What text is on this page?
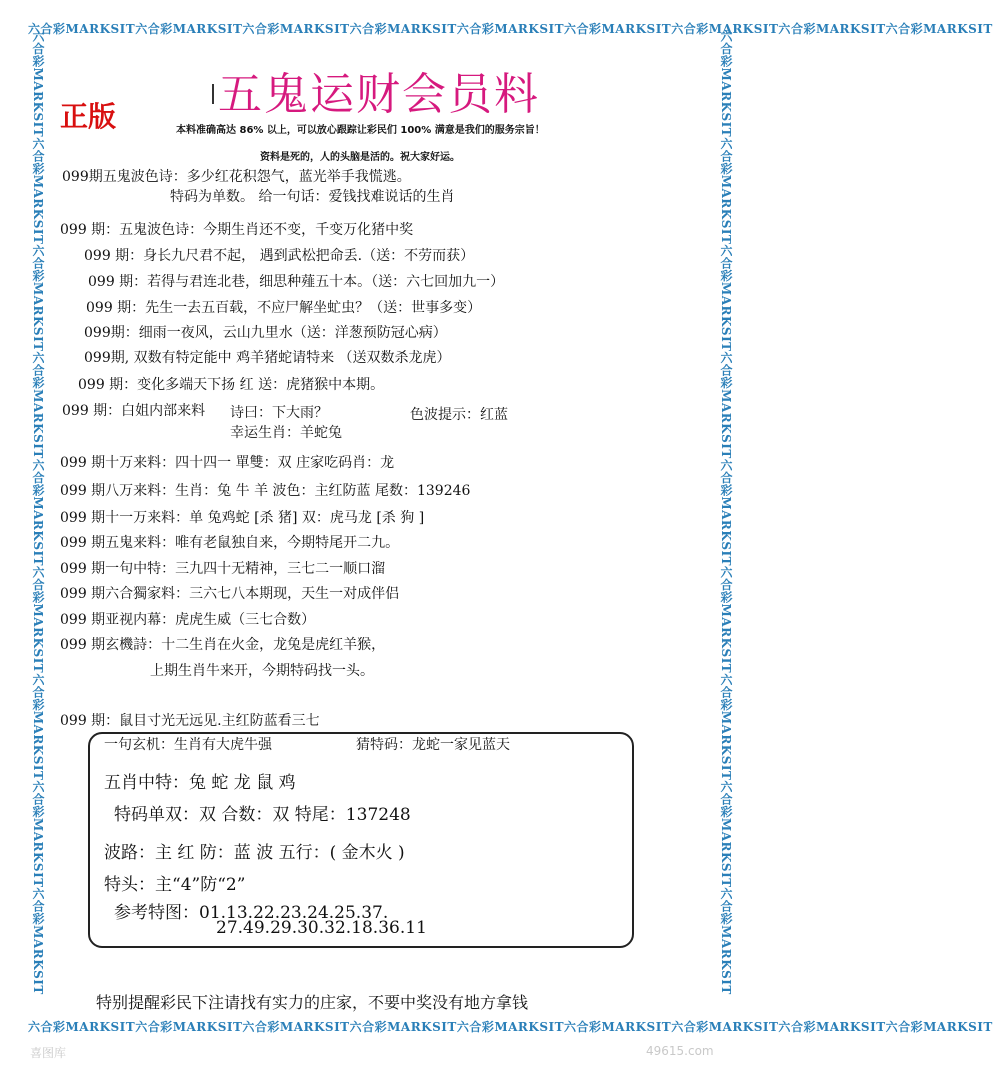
六合彩MARKSIT六合彩MARKSIT六合彩MARKSIT六合彩MARKSIT六合彩MARKSIT六合彩MARKSIT六合彩MARKSIT六合彩MARKSIT六合彩MARKSIT
六合彩MARKSIT六合彩MARKSIT六合彩MARKSIT六合彩MARKSIT六合彩MARKSIT六合彩MARKSIT六合彩MARKSIT六合彩MARKSIT六合彩MARKSIT
六合彩MARKSIT六合彩MARKSIT六合彩MARKSIT六合彩MARKSIT六合彩MARKSIT六合彩MARKSIT六合彩MARKSIT六合彩MARKSIT六合彩MARKSIT	六合彩MARKSIT六合彩MARKSIT六合彩MARKSIT六合彩MARKSIT六合彩MARKSIT六合彩MARKSIT六合彩MARKSIT六合彩MARKSIT六合彩MARKSIT
喜图库	49615.com
五鬼运财会员料
正版	本料准确高达 86% 以上，可以放心跟踪让彩民们 100% 满意是我们的服务宗旨！
资料是死的，人的头脑是活的。祝大家好运。
099期五鬼波色诗：多少红花积怨气，蓝光举手我慌逃。
特码为单数。 给一句话：爱钱找难说话的生肖
099 期：五鬼波色诗：今期生肖还不变，千变万化猪中奖
099 期：身长九尺君不起， 遇到武松把命丢.（送：不劳而获）
099 期：若得与君连北巷，细思种薤五十本。（送：六七回加九一）
099 期：先生一去五百载，不应尸解坐虻虫？（送：世事多变）
099期：细雨一夜风，云山九里水（送：洋葱预防冠心病）
099期, 双数有特定能中 鸡羊猪蛇请特来 （送双数杀龙虎）
099 期：变化多端天下扬 红 送：虎猪猴中本期。
099 期：白姐内部来料 诗曰：下大雨？	色波提示：红蓝
幸运生肖：羊蛇兔
099 期十万来料：四十四一 單雙：双 庄家吃码肖：龙
099 期八万来料：生肖：兔 牛 羊 波色：主红防蓝 尾数：139246
099 期十一万来料：单 兔鸡蛇 [杀 猪] 双：虎马龙 [杀 狗 ]
099 期五鬼来料：唯有老鼠独自来，今期特尾开二九。
099 期一句中特：三九四十无精神，三七二一顺口溜
099 期六合獨家料：三六七八本期现，天生一对成伴侣
099 期亚视内幕：虎虎生威（三七合数）
099 期玄機詩：十二生肖在火金，龙兔是虎红羊猴，
上期生肖牛来开，今期特码找一头。
099 期：鼠目寸光无远见.主红防蓝看三七
一句玄机：生肖有大虎牛强	猜特码：龙蛇一家见蓝天
五肖中特：兔 蛇 龙 鼠 鸡
特码单双：双 合数：双 特尾：137248
波路：主 红 防：蓝 波 五行：( 金木火 )
特头：主“4”防“2”
参考特图：01.13.22.23.24.25.37.
27.49.29.30.32.18.36.11
特别提醒彩民下注请找有实力的庄家，不要中奖没有地方拿钱
